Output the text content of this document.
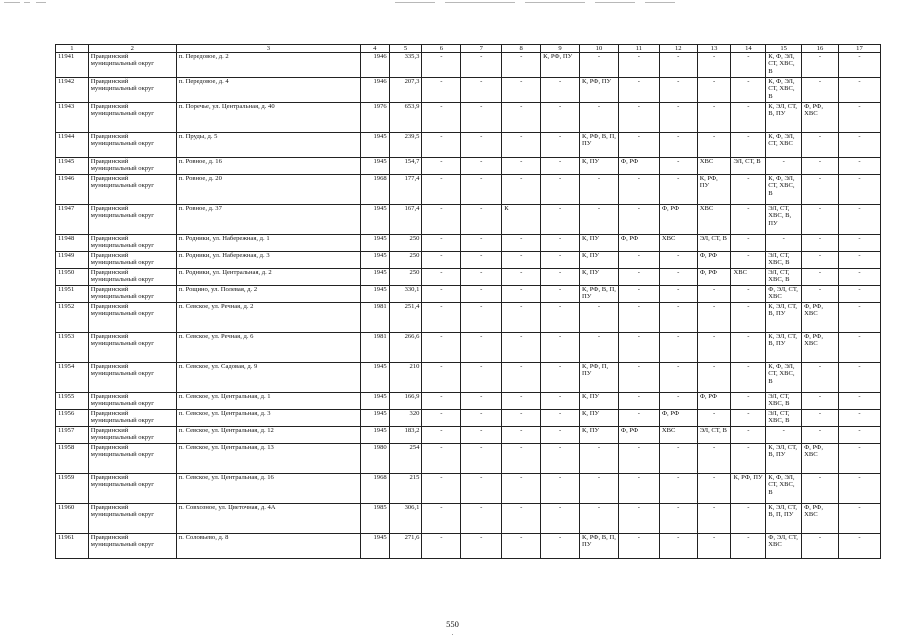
1	2	3	4	5	6	7	8	9	10	11	12	13	14	15	16	17
11941	Правдинский муниципальный округ	п. Передовое, д. 2	1946	335,3	-	-	-	К, РФ, ПУ	-	-	-	-	-	К, Ф, ЭЛ, СТ, ХВС, В	-	-
11942	Правдинский муниципальный округ	п. Передовое, д. 4	1946	207,3	-	-	-	-	К, РФ, ПУ	-	-	-	-	К, Ф, ЭЛ, СТ, ХВС, В	-	-
11943	Правдинский муниципальный округ	п. Поречье, ул. Центральная, д. 40	1976	653,9	-	-	-	-	-	-	-	-	-	К, ЭЛ, СТ, В, ПУ	Ф, РФ, ХВС	-
11944	Правдинский муниципальный округ	п. Пруды, д. 5	1945	239,5	-	-	-	-	К, РФ, В, П, ПУ	-	-	-	-	К, Ф, ЭЛ, СТ, ХВС	-	-
11945	Правдинский муниципальный округ	п. Ровное, д. 16	1945	154,7	-	-	-	-	К, ПУ	Ф, РФ	-	ХВС	ЭЛ, СТ, В	-	-	-
11946	Правдинский муниципальный округ	п. Ровное, д. 20	1968	177,4	-	-	-	-	-	-	-	К, РФ, ПУ	-	К, Ф, ЭЛ, СТ, ХВС, В	-	-
11947	Правдинский муниципальный округ	п. Ровное, д. 37	1945	167,4	-	-	К	-	-	-	Ф, РФ	ХВС	-	ЭЛ, СТ, ХВС, В, ПУ	-	-
11948	Правдинский муниципальный округ	п. Родники, ул. Набережная, д. 1	1945	250	-	-	-	-	К, ПУ	Ф, РФ	ХВС	ЭЛ, СТ, В	-	-	-	-
11949	Правдинский муниципальный округ	п. Родники, ул. Набережная, д. 3	1945	250	-	-	-	-	К, ПУ	-	-	Ф, РФ	-	ЭЛ, СТ, ХВС, В	-	-
11950	Правдинский муниципальный округ	п. Родники, ул. Центральная, д. 2	1945	250	-	-	-	-	К, ПУ	-	-	Ф, РФ	ХВС	ЭЛ, СТ, ХВС, В	-	-
11951	Правдинский муниципальный округ	п. Рощино, ул. Полевая, д. 2	1945	330,1	-	-	-	-	К, РФ, В, П, ПУ	-	-	-	-	Ф, ЭЛ, СТ, ХВС	-	-
11952	Правдинский муниципальный округ	п. Севское, ул. Речная, д. 2	1981	251,4	-	-	-	-	-	-	-	-	-	К, ЭЛ, СТ, В, ПУ	Ф, РФ, ХВС	-
11953	Правдинский муниципальный округ	п. Севское, ул. Речная, д. 6	1981	266,6	-	-	-	-	-	-	-	-	-	К, ЭЛ, СТ, В, ПУ	Ф, РФ, ХВС	-
11954	Правдинский муниципальный округ	п. Севское, ул. Садовая, д. 9	1945	210	-	-	-	-	К, РФ, П, ПУ	-	-	-	-	К, Ф, ЭЛ, СТ, ХВС, В	-	-
11955	Правдинский муниципальный округ	п. Севское, ул. Центральная, д. 1	1945	166,9	-	-	-	-	К, ПУ	-	-	Ф, РФ	-	ЭЛ, СТ, ХВС, В	-	-
11956	Правдинский муниципальный округ	п. Севское, ул. Центральная, д. 3	1945	320	-	-	-	-	К, ПУ	-	Ф, РФ	-	-	ЭЛ, СТ, ХВС, В	-	-
11957	Правдинский муниципальный округ	п. Севское, ул. Центральная, д. 12	1945	183,2	-	-	-	-	К, ПУ	Ф, РФ	ХВС	ЭЛ, СТ, В	-	-	-	-
11958	Правдинский муниципальный округ	п. Севское, ул. Центральная, д. 13	1980	254	-	-	-	-	-	-	-	-	-	К, ЭЛ, СТ, В, ПУ	Ф, РФ, ХВС	-
11959	Правдинский муниципальный округ	п. Севское, ул. Центральная, д. 16	1968	215	-	-	-	-	-	-	-	-	К, РФ, ПУ	К, Ф, ЭЛ, СТ, ХВС, В	-	-
11960	Правдинский муниципальный округ	п. Совхозное, ул. Цветочная, д. 4А	1985	306,1	-	-	-	-	-	-	-	-	-	К, ЭЛ, СТ, В, П, ПУ	Ф, РФ, ХВС	-
11961	Правдинский муниципальный округ	п. Соловьево, д. 8	1945	271,6	-	-	-	-	К, РФ, В, П, ПУ	-	-	-	-	Ф, ЭЛ, СТ, ХВС	-	-
550
